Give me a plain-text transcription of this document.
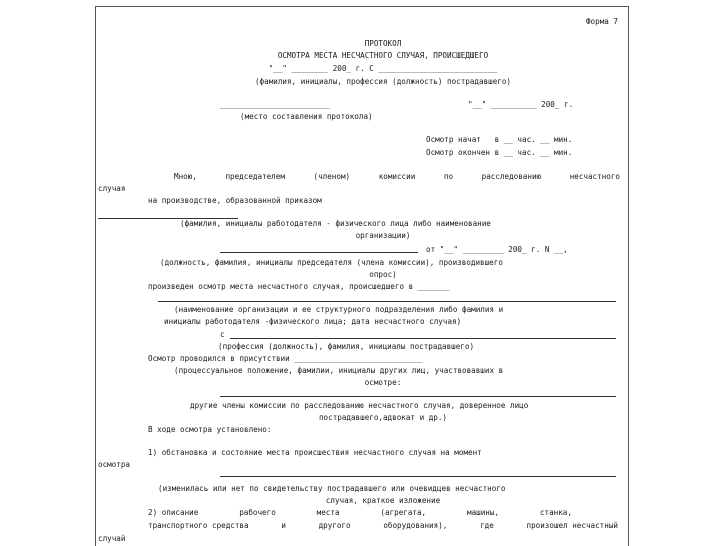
Форма 7
ПРОТОКОЛ
ОСМОТРА МЕСТА НЕСЧАСТНОГО СЛУЧАЯ, ПРОИСШЕДШЕГО
"__" ________ 200_ г. С __________________________
(фамилия, инициалы, профессия (должность) пострадавшего)
________________________	"__" __________ 200_ г.
(место составления протокола)
Осмотр начат   в __ час. __ мин.
Осмотр окончен в __ час. __ мин.
Мною,	председателем	(членом)	комиссии	по	расследованию	несчастного
случая
на производстве, образованной приказом
(фамилия, инициалы работодателя - физического лица либо наименование
организации)
от "__" _________ 200_ г. N __,
(должность, фамилия, инициалы председателя (члена комиссии), производившего
опрос)
произведен осмотр места несчастного случая, происшедшего в _______
(наименование организации и ее структурного подразделения либо фамилия и
инициалы работодателя -физического лица; дата несчастного случая)
с
(профессия (должность), фамилия, инициалы пострадавшего)
Осмотр проводился в присутствии ____________________________
(процессуальное положение, фамилии, инициалы других лиц, участвовавших в
осмотре:
другие члены комиссии по расследованию несчастного случая, доверенное лицо
пострадавшего,адвокат и др.)
В ходе осмотра установлено:
1) обстановка и состояние места происшествия несчастного случая на момент
осмотра
(изменилась или нет по свидетельству пострадавшего или очевидцев несчастного
случая, краткое изложение
2) описание	рабочего	места	(агрегата,	машины,	станка,
транспортного средства	и	другого	оборудования),	где	произошел несчастный
случай
